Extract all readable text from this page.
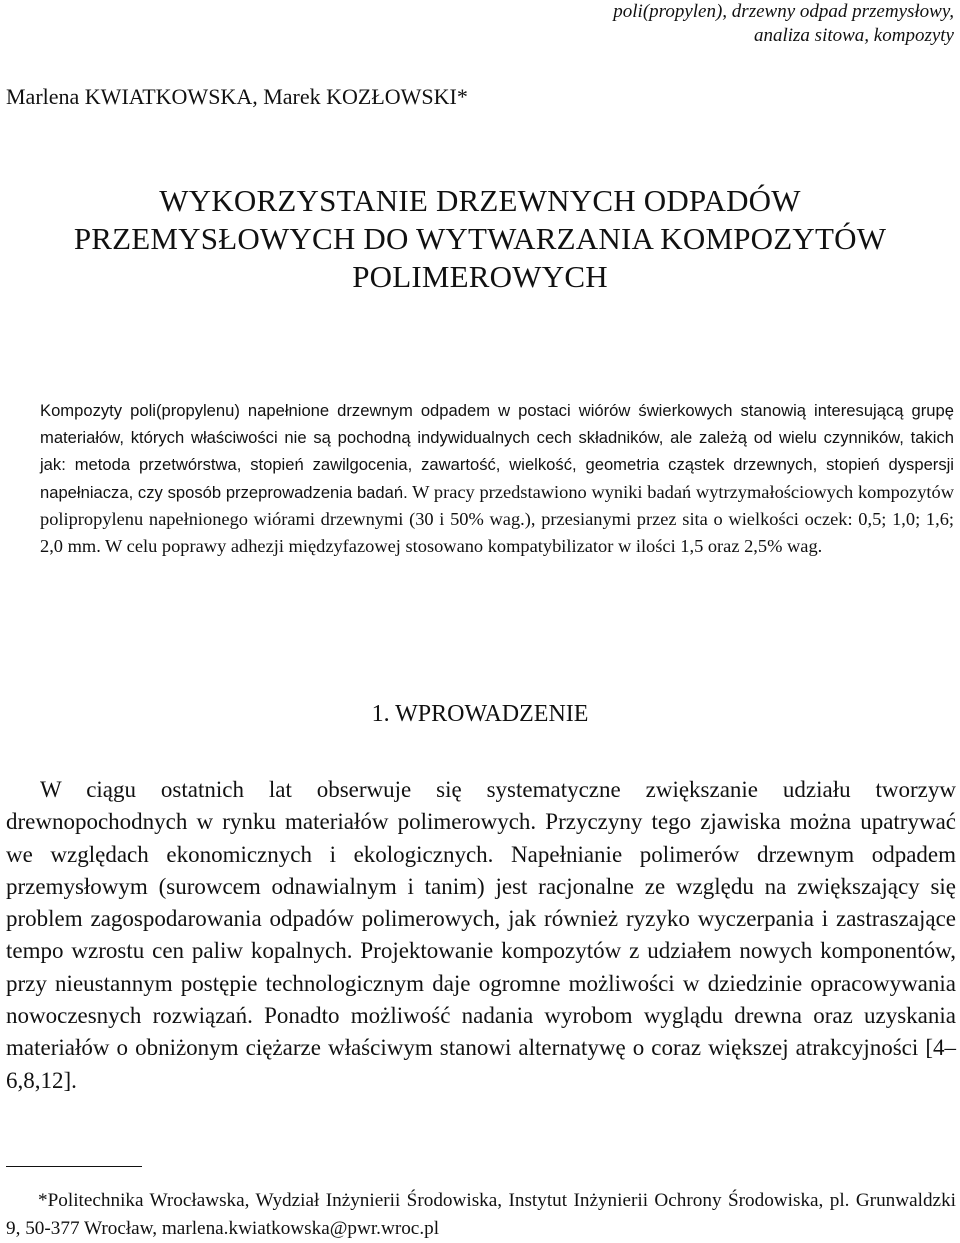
poli(propylen), drzewny odpad przemysłowy,
analiza sitowa, kompozyty
Marlena KWIATKOWSKA, Marek KOZŁOWSKI*
WYKORZYSTANIE DRZEWNYCH ODPADÓW
PRZEMYSŁOWYCH DO WYTWARZANIA KOMPOZYTÓW
POLIMEROWYCH
Kompozyty poli(propylenu) napełnione drzewnym odpadem w postaci wiórów świerkowych stanowią interesującą grupę materiałów, których właściwości nie są pochodną indywidualnych cech składników, ale zależą od wielu czynników, takich jak: metoda przetwórstwa, stopień zawilgocenia, zawartość, wielkość, geometria cząstek drzewnych, stopień dyspersji napełniacza, czy sposób przeprowadzenia badań. W pracy przedstawiono wyniki badań wytrzymałościowych kompozytów polipropylenu napełnionego wiórami drzewnymi (30 i 50% wag.), przesianymi przez sita o wielkości oczek: 0,5; 1,0; 1,6; 2,0 mm. W celu poprawy adhezji międzyfazowej stosowano kompatybilizator w ilości 1,5 oraz 2,5% wag.
1. WPROWADZENIE
W ciągu ostatnich lat obserwuje się systematyczne zwiększanie udziału tworzyw drewnopochodnych w rynku materiałów polimerowych. Przyczyny tego zjawiska można upatrywać we względach ekonomicznych i ekologicznych. Napełnianie polimerów drzewnym odpadem przemysłowym (surowcem odnawialnym i tanim) jest racjonalne ze względu na zwiększający się problem zagospodarowania odpadów polimerowych, jak również ryzyko wyczerpania i zastraszające tempo wzrostu cen paliw kopalnych. Projektowanie kompozytów z udziałem nowych komponentów, przy nieustannym postępie technologicznym daje ogromne możliwości w dziedzinie opracowywania nowoczesnych rozwiązań. Ponadto możliwość nadania wyrobom wyglądu drewna oraz uzyskania materiałów o obniżonym ciężarze właściwym stanowi alternatywę o coraz większej atrakcyjności [4–6,8,12].
*Politechnika Wrocławska, Wydział Inżynierii Środowiska, Instytut Inżynierii Ochrony Środowiska, pl. Grunwaldzki 9, 50-377 Wrocław, marlena.kwiatkowska@pwr.wroc.pl
